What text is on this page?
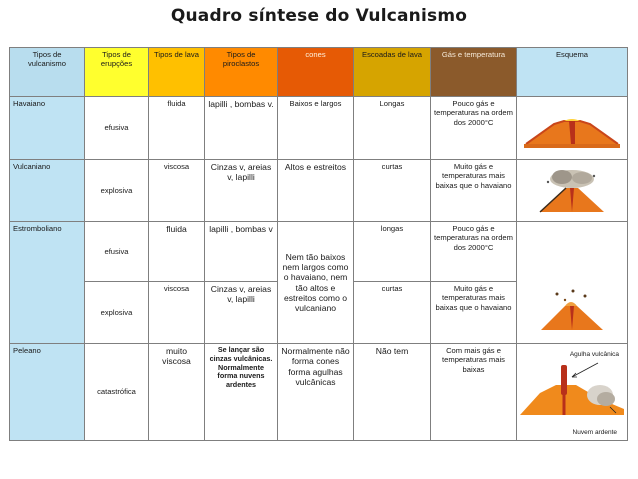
Quadro síntese do Vulcanismo
Tipos de vulcanismo	Tipos de erupções	Tipos de lava	Tipos de piroclastos	cones	Escoadas de lava	Gás e temperatura	Esquema
Havaiano	efusiva	fluida	lapilli , bombas v.	Baixos e largos	Longas	Pouco gás e temperaturas na ordem dos 2000°C	

Vulcaniano	explosiva	viscosa	Cinzas v, areias v, lapilli	Altos e estreitos	curtas	Muito gás e temperaturas mais baixas que o havaiano	

Estromboliano	efusiva	fluida	lapilli , bombas v	Nem tão baixos nem largos como o havaiano, nem tão altos e estreitos como o vulcaniano	longas	Pouco gás e temperaturas na ordem dos 2000°C	

	explosiva	viscosa	Cinzas v, areias v, lapilli		curtas	Muito gás e temperaturas mais baixas que o havaiano	
Peleano	catastrófica	muito viscosa	Se lançar são cinzas vulcânicas. Normalmente forma nuvens ardentes	Normalmente não forma cones forma agulhas vulcânicas	Não tem	Com mais gás e temperaturas mais baixas	Agulha vulcânica
Nuvem ardente
